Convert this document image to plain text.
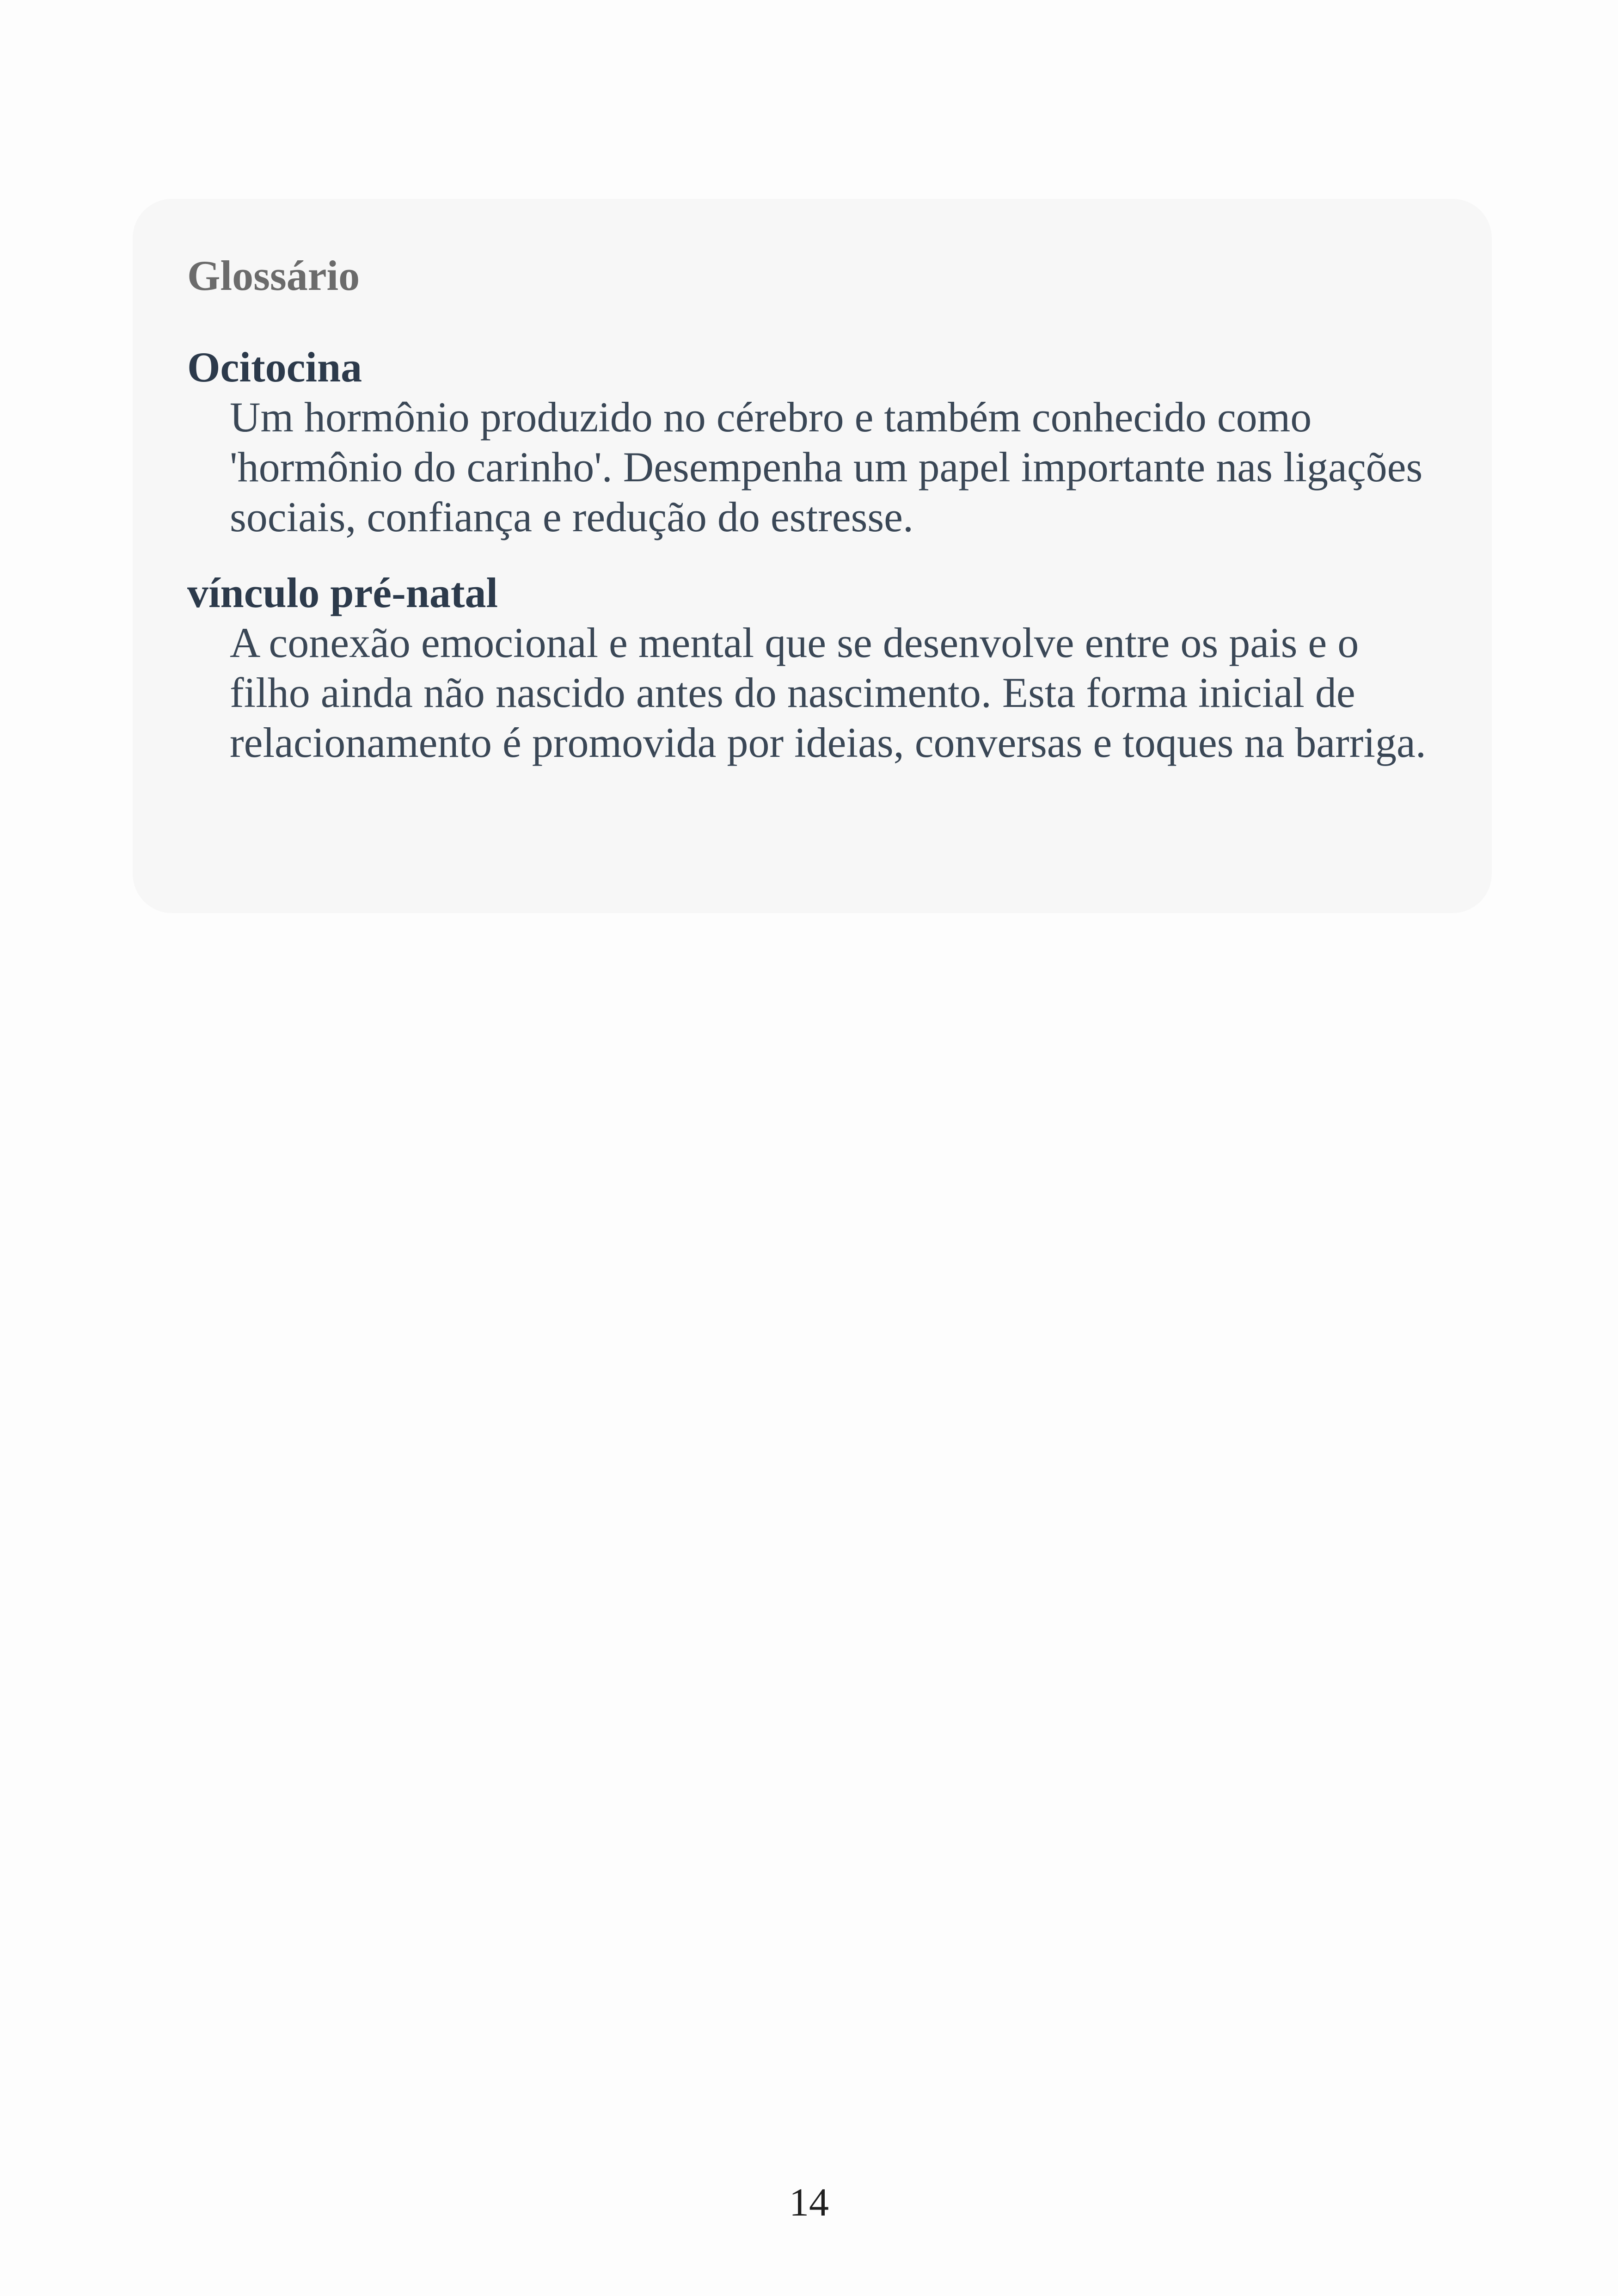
Glossário

Ocitocina

Um hormônio produzido no cérebro e também conhecido como 'hormônio do carinho'. Desempenha um papel importante nas ligações sociais, confiança e redução do estresse.

vínculo pré-natal

A conexão emocional e mental que se desenvolve entre os pais e o filho ainda não nascido antes do nascimento. Esta forma inicial de relacionamento é promovida por ideias, conversas e toques na barriga.

14
